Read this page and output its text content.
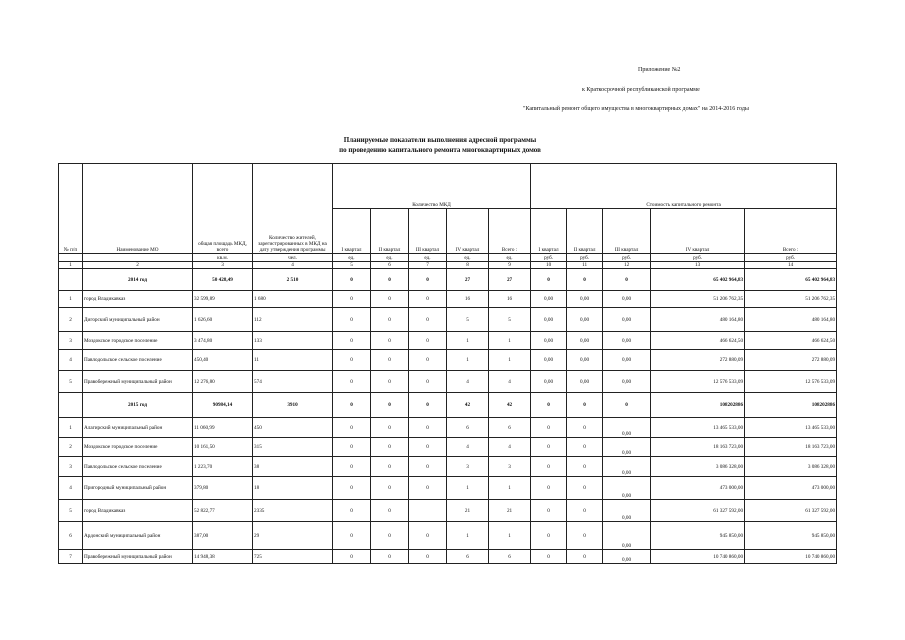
Приложение №2
к Краткосрочной республиканской программе
"Капитальный ремонт общего имущества в многоквартирных домах" на 2014-2016 годы
Планируемые показатели выполнения адресной программы
по проведению капитального ремонта многоквартирных домов
№ п/п	Наименование МО	общая площадь МКД, всего	Количество жителей, зарегистрированных в МКД на дату утверждения программы	Количество МКД					Стоимость капитального ремонта				
				I квартал	II квартал	III квартал	IV квартал	Всего :	I квартал	II квартал	III квартал	IV квартал	Всего :
		кв.м.	чел.	ед.	ед.	ед.	ед.	ед.	руб.	руб.	руб.	руб.	руб.
1	2	3	4	5	6	7	8	9	10	11	12	13	14
	2014 год	50 428,49	2 510	0	0	0	27	27	0	0	0	65 402 964,83	65 402 964,83
1	город Владикавказ	32 599,89	1 680	0	0	0	16	16	0,00	0,00	0,00	51 206 762,35	51 206 762,35
2	Дигорский муниципальный район	1 626,60	112	0	0	0	5	5	0,00	0,00	0,00	480 164,80	480 164,80
3	Моздокское городское поселение	3 474,80	133	0	0	0	1	1	0,00	0,00	0,00	466 624,50	466 624,50
4	Павлодольское сельское поселение	450,40	11	0	0	0	1	1	0,00	0,00	0,00	272 880,09	272 880,09
5	Правобережный муниципальный район	12 276,80	574	0	0	0	4	4	0,00	0,00	0,00	12 576 533,09	12 576 533,09
	2015 год	90984,14	3910	0	0	0	42	42	0	0	0	108202886	108202886
1	Алагирский муниципальный район	11 060,99	450	0	0	0	6	6	0	0	0,00	13 465 533,00	13 465 533,00
2	Моздокское городское поселение	10 161,50	315	0	0	0	4	4	0	0	0,00	18 163 723,00	18 163 723,00
3	Павлодольское сельское поселение	1 223,70	38	0	0	0	3	3	0	0	0,00	3 086 328,00	3 086 328,00
4	Пригородный муниципальный район	379,80	18	0	0	0	1	1	0	0	0,00	473 000,00	473 000,00
5	город Владикавказ	52 822,77	2335	0	0		21	21	0	0	0,00	61 327 592,00	61 327 592,00
6	Ардонский муниципальный район	387,00	29	0	0	0	1	1	0	0	0,00	945 850,00	945 850,00
7	Правобережный муниципальный район	14 948,38	725	0	0	0	6	6	0	0	0,00	10 740 860,00	10 740 860,00
